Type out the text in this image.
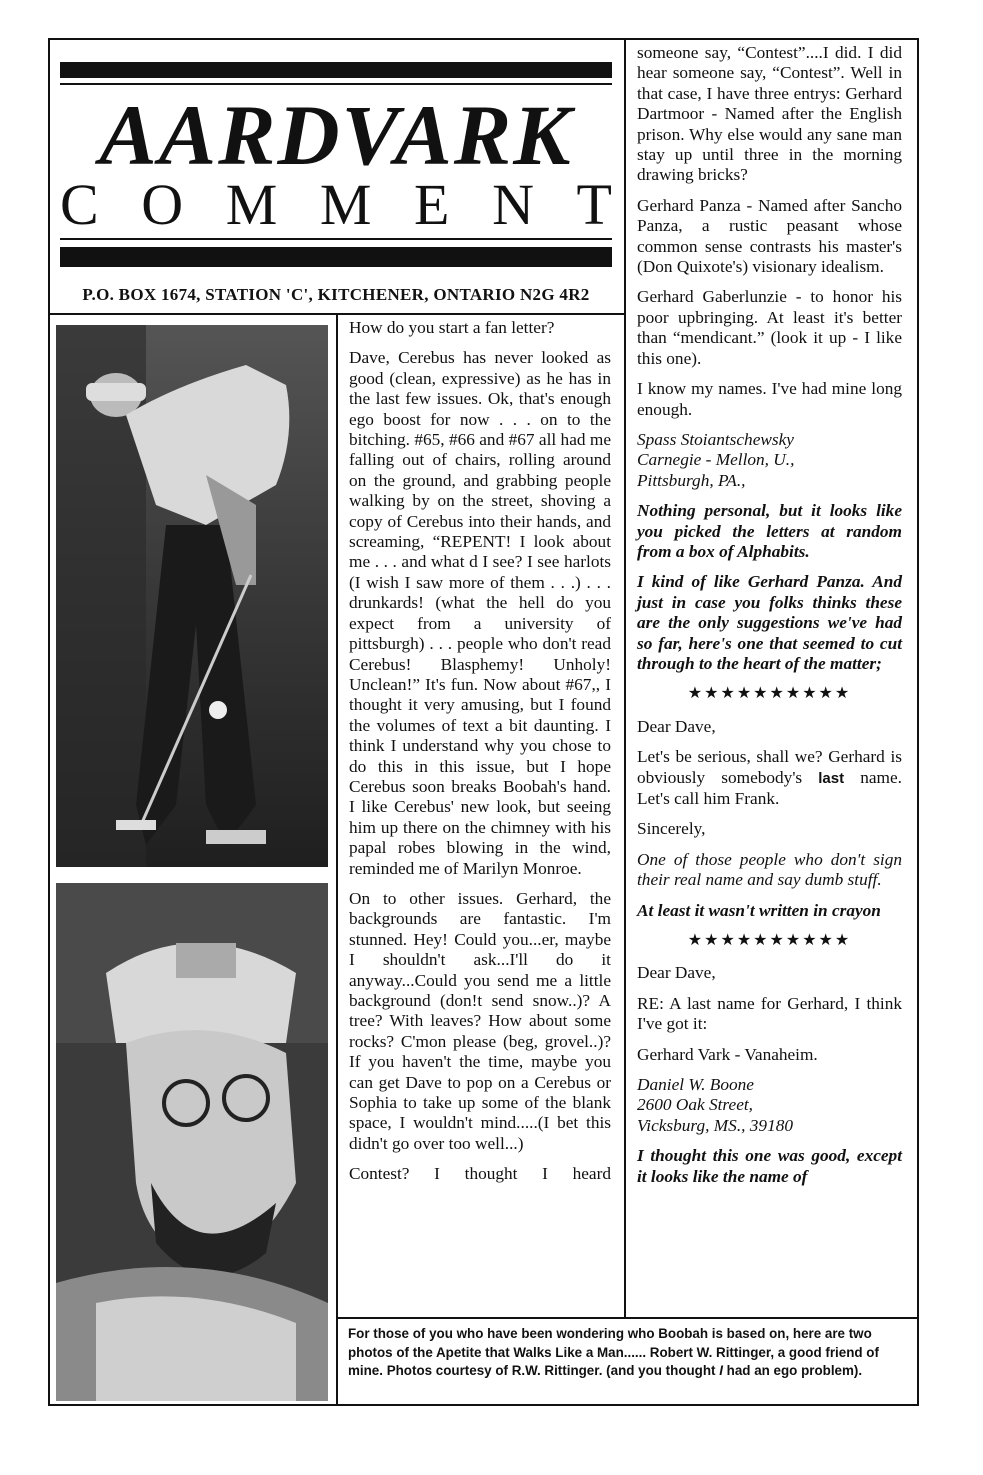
AARDVARK
C O M M E N T
P.O. BOX 1674, STATION 'C', KITCHENER, ONTARIO N2G 4R2

How do you start a fan letter?

Dave, Cerebus has never looked as good (clean, expressive) as he has in the last few issues. Ok, that's enough ego boost for now . . . on to the bitching. #65, #66 and #67 all had me falling out of chairs, rolling around on the ground, and grabbing people walking by on the street, shoving a copy of Cerebus into their hands, and screaming, “REPENT! I look about me . . . and what d I see? I see harlots (I wish I saw more of them . . .) . . . drunkards! (what the hell do you expect from a university of pittsburgh) . . . people who don't read Cerebus! Blasphemy! Unholy! Unclean!” It's fun. Now about #67,, I thought it very amusing, but I found the volumes of text a bit daunting. I think I understand why you chose to do this in this issue, but I hope Cerebus soon breaks Boobah's hand. I like Cerebus' new look, but seeing him up there on the chimney with his papal robes blowing in the wind, reminded me of Marilyn Monroe.

On to other issues. Gerhard, the backgrounds are fantastic. I'm stunned. Hey! Could you...er, maybe I shouldn't ask...I'll do it anyway...Could you send me a little background (don!t send snow..)? A tree? With leaves? How about some rocks? C'mon please (beg, grovel..)? If you haven't the time, maybe you can get Dave to pop on a Cerebus or Sophia to take up some of the blank space, I wouldn't mind.....(I bet this didn't go over too well...)

Contest? I thought I heard

someone say, “Contest”....I did. I did hear someone say, “Contest”. Well in that case, I have three entrys: Gerhard Dartmoor - Named after the English prison. Why else would any sane man stay up until three in the morning drawing bricks?

Gerhard Panza - Named after Sancho Panza, a rustic peasant whose common sense contrasts his master's (Don Quixote's) visionary idealism.

Gerhard Gaberlunzie - to honor his poor upbringing. At least it's better than “mendicant.” (look it up - I like this one).

I know my names. I've had mine long enough.

Spass Stoiantschewsky
Carnegie - Mellon, U.,
Pittsburgh, PA.,

Nothing personal, but it looks like you picked the letters at random from a box of Alphabits.

I kind of like Gerhard Panza. And just in case you folks thinks these are the only suggestions we've had so far, here's one that seemed to cut through to the heart of the matter;

★★★★★★★★★★

Dear Dave,

Let's be serious, shall we? Gerhard is obviously somebody's last name. Let's call him Frank.

Sincerely,

One of those people who don't sign their real name and say dumb stuff.

At least it wasn't written in crayon

★★★★★★★★★★

Dear Dave,

RE: A last name for Gerhard, I think I've got it:

Gerhard Vark - Vanaheim.

Daniel W. Boone
2600 Oak Street,
Vicksburg, MS., 39180

I thought this one was good, except it looks like the name of

For those of you who have been wondering who Boobah is based on, here are two photos of the Apetite that Walks Like a Man...... Robert W. Rittinger, a good friend of mine. Photos courtesy of R.W. Rittinger. (and you thought I had an ego problem).
